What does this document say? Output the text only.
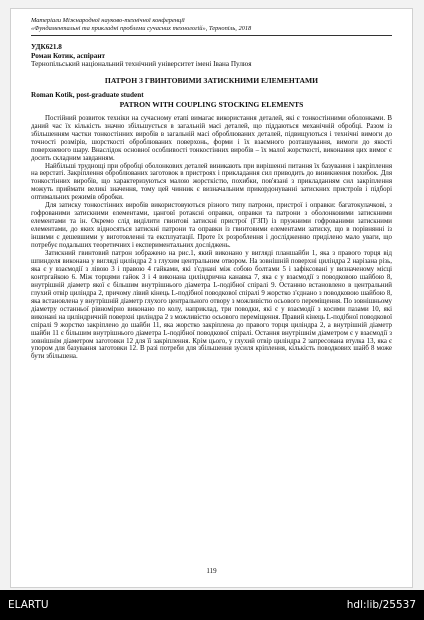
Матеріали Міжнародної науково-технічної конференції
«Фундаментальні та прикладні проблеми сучасних технологій», Тернопіль, 2018
УДК621.8
Роман Котик, аспірант
Тернопільський національний технічний університет імені Івана Пулюя
ПАТРОН З ГВИНТОВИМИ ЗАТИСКНИМИ ЕЛЕМЕНТАМИ
Roman Kotik, post-graduate student
PATRON WITH COUPLING STOCKING ELEMENTS

Постійний розвиток техніки на сучасному етапі вимагає використання деталей, які є тонкостінними оболонками. В даний час їх кількість значно збільшується в загальній масі деталей, що піддаються механічній обробці. Разом із збільшенням частки тонкостінних виробів в загальній масі оброблюваних деталей, підвищуються і технічні вимоги до точності розмірів, шорсткості оброблюваних поверхонь, форми і їх взаємного розташування, вимоги до якості поверхневого шару. Внаслідок основної особливості тонкостінних виробів – їх малої жорсткості, виконання цих вимог є досить складним завданням.

Найбільші труднощі при обробці оболонкових деталей виникають при вирішенні питання їх базування і закріплення на верстаті. Закріплення оброблюваних заготовок в пристроях і прикладання сил приводить до виникнення похибок. Для тонкостінних виробів, що характеризуються малою жорсткістю, похибки, пов'язані з прикладанням сил закріплення можуть приймати великі значення, тому цей чинник є визначальним прикордонуванні затискних пристроїв і підборі оптимальних режимів обробки.

Для затиску тонкостінних виробів використовуються різного типу патрони, пристрої і оправки: багатокулачкові, з гофрованими затискними елементами, цанговї ротаксні оправки, оправки та патрони з оболонковими затискними елементами та ін. Окремо слід виділити гвинтові затискні пристрої (ГЗП) із пружними гофрованими затискними елементами, до яких відносяться затискні патрони та оправки із гвинтовими елементами затиску, що в порівнянні із іншими є дешевшими у виготовленні та експлуатації. Проте їх розроблення і дослідженню приділено мало уваги, що потребує подальших теоретичних і експериментальних досліджень.

Затискний гвинтовий патрон зображено на рис.1, який виконано у вигляді планшайби 1, яка з правого торця від шпинделя виконана у вигляді циліндра 2 з глухим центральним отвором. На зовнішній поверхні циліндра 2 нарізана різь, яка є у взаємодії з лівою 3 і правою 4 гайками, які з'єднані між собою болтами 5 і зафіксовані у визначеному місці контргайкою 6. Між торцями гайок 3 і 4 виконана циліндрична канавка 7, яка є у взаємодії з поводковою шайбою 8, внутрішній діаметр якої є більшим внутрішнього діаметра L-подібної спіралі 9. Останню встановлено в центральний глухий отвір циліндра 2, причому лівий кінець L-подібної поводкової спіралі 9 жорстко з'єднано з поводковою шайбою 8, яка встановлена у внутрішній діаметр глухого центрального отвору з можливістю осьового переміщення. По зовнішньому діаметру останньої рівномірно виконано по колу, наприклад, три поводки, які є у взаємодії з косими пазами 10, які виконані на циліндричній поверхні циліндра 2 з можливістю осьового переміщення. Правий кінець L-подібної поводкової спіралі 9 жорстко закріплено до шайби 11, яка жорстко закріплена до правого торця циліндра 2, а внутрішній діаметр шайби 11 є більшим внутрішнього діаметра L-подібної поводкової спіралі. Остання внутрішнім діаметром є у взаємодії з зовнішнім діаметром заготовки 12 для її закріплення. Крім цього, у глухий отвір циліндра 2 запресована втулка 13, яка є упором для базування заготовки 12. В разі потреби для збільшення зусиля кріплення, кількість поводкових шайб 8 може бути збільшена.

119
ELARTU	hdl:lib/25537
